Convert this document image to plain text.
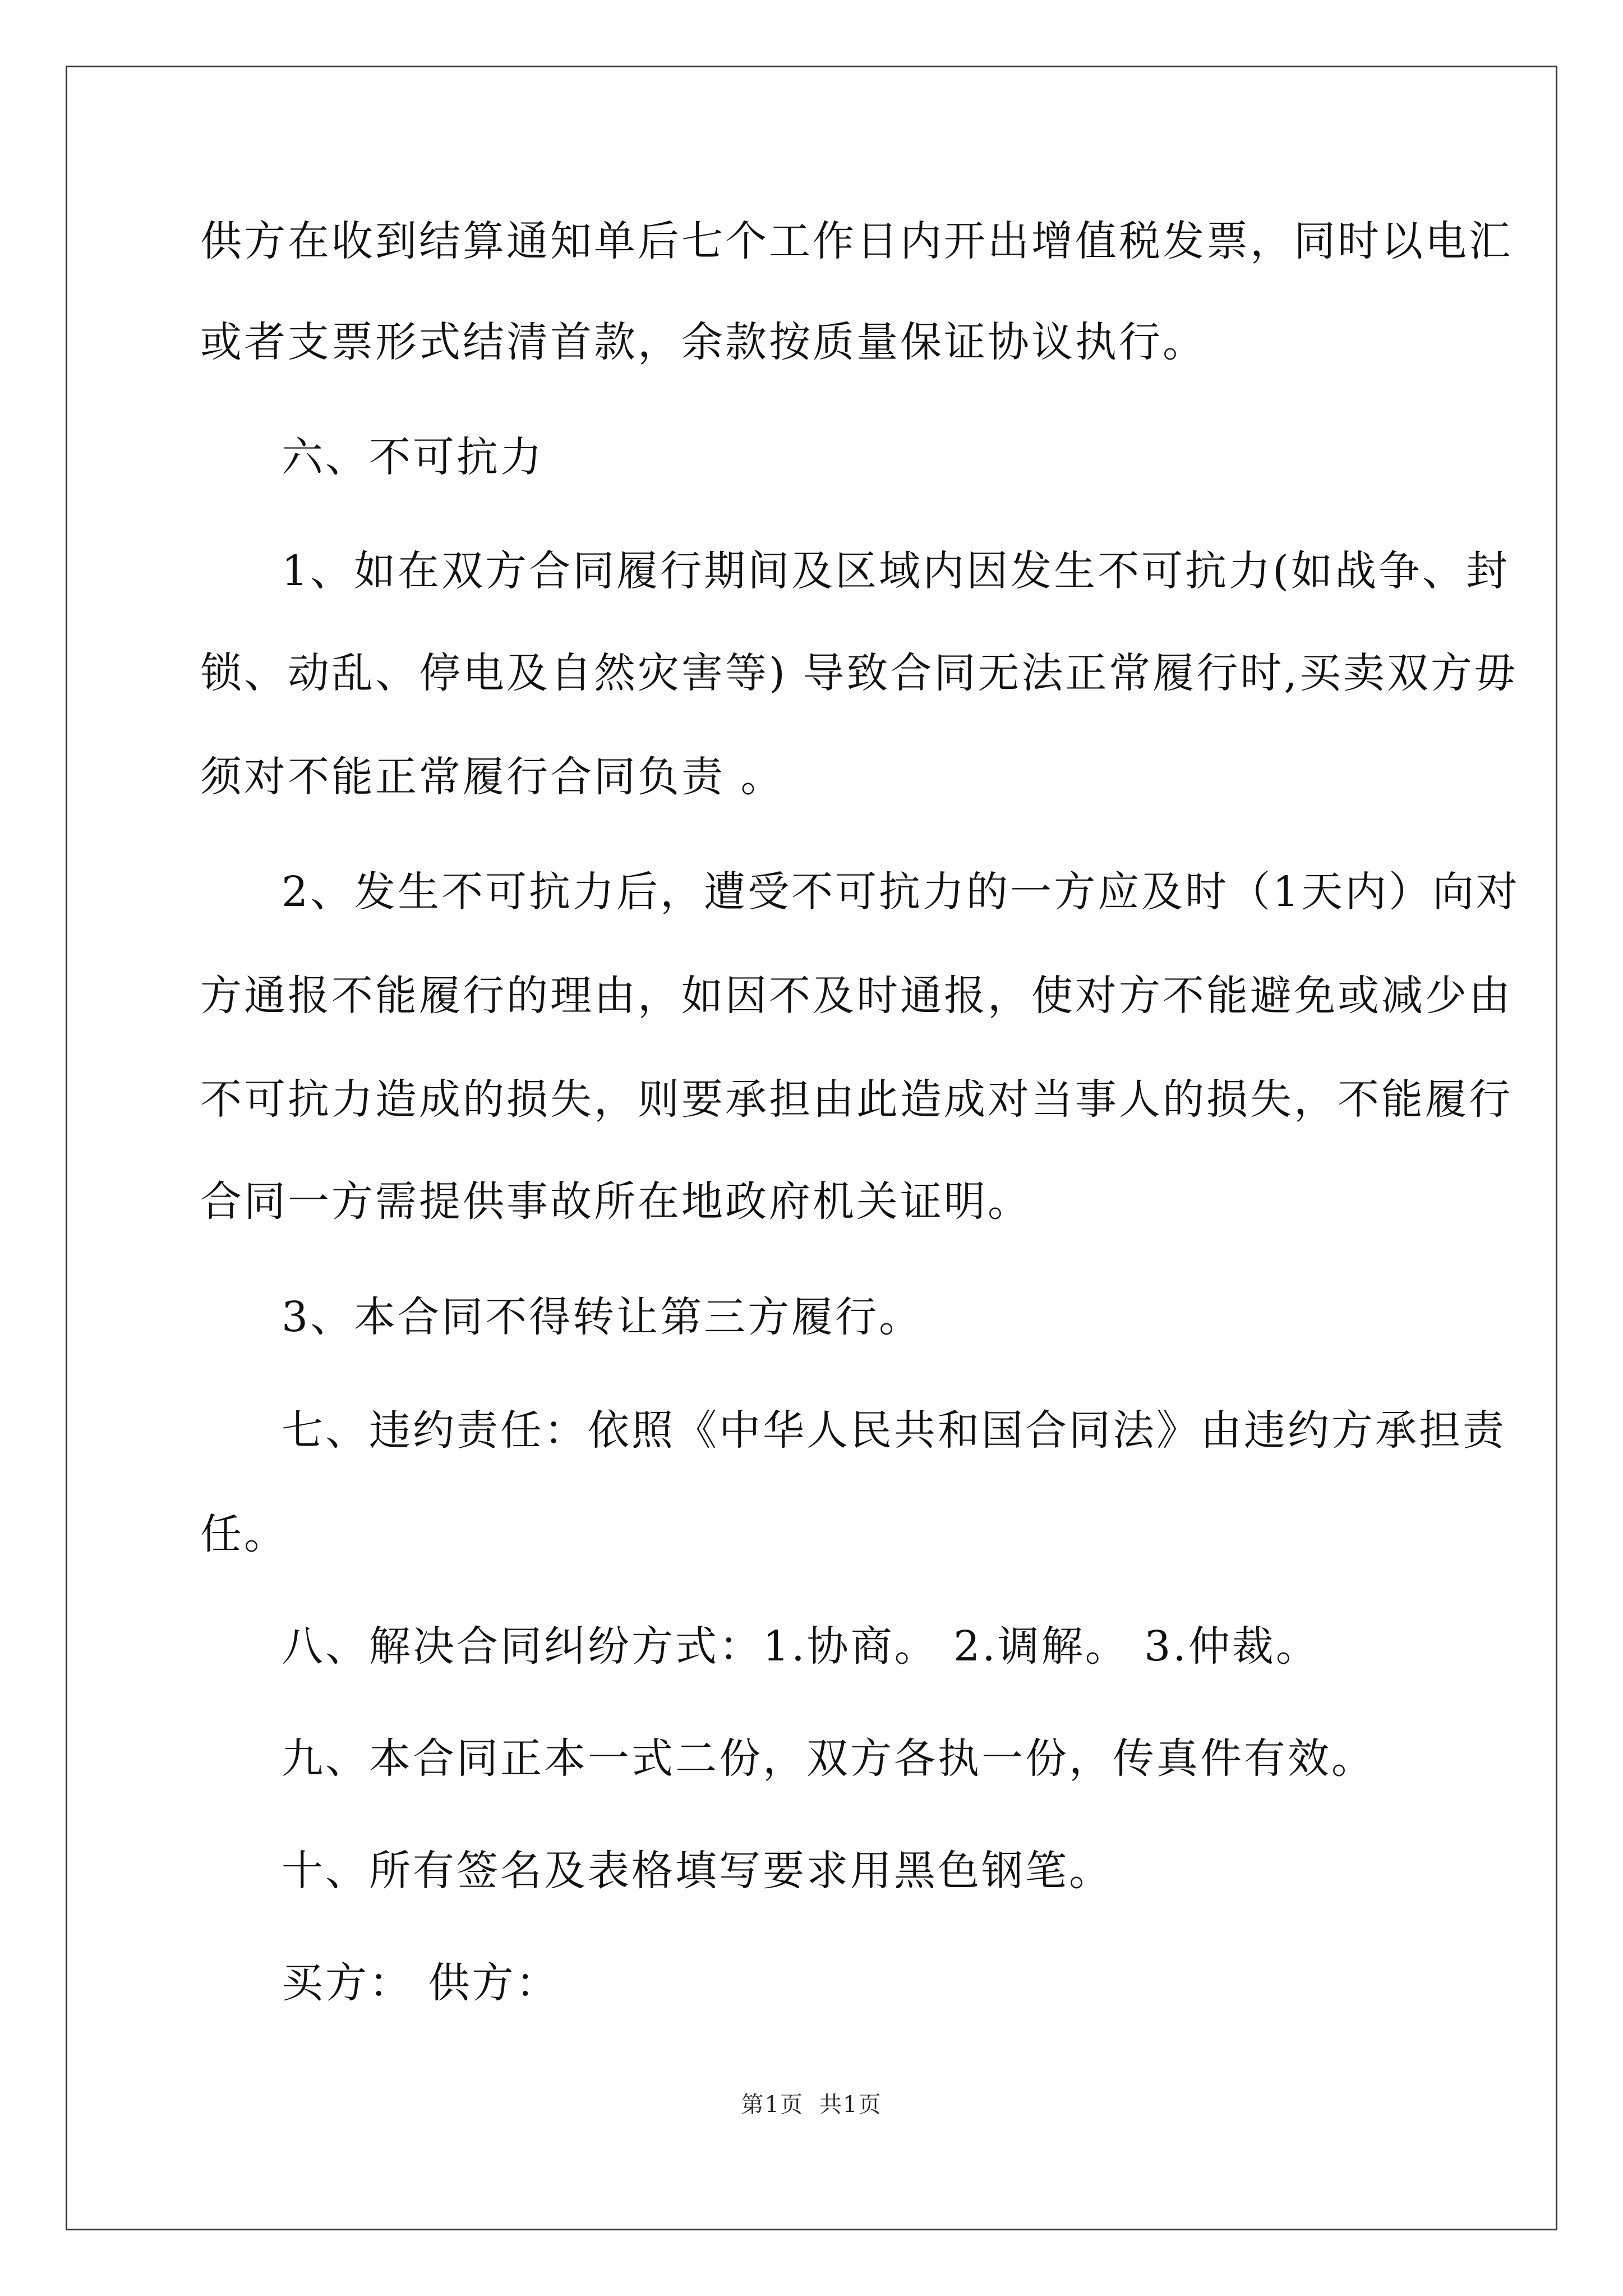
供方在收到结算通知单后七个工作日内开出增值税发票，同时以电汇
或者支票形式结清首款，余款按质量保证协议执行。
六、不可抗力
1、如在双方合同履行期间及区域内因发生不可抗力(如战争、封
锁、动乱、停电及自然灾害等) 导致合同无法正常履行时,买卖双方毋
须对不能正常履行合同负责 。
2、发生不可抗力后，遭受不可抗力的一方应及时（1天内）向对
方通报不能履行的理由，如因不及时通报，使对方不能避免或减少由
不可抗力造成的损失，则要承担由此造成对当事人的损失，不能履行
合同一方需提供事故所在地政府机关证明。
3、本合同不得转让第三方履行。
七、违约责任：依照《中华人民共和国合同法》由违约方承担责
任。
八、解决合同纠纷方式：1.协商。 2.调解。 3.仲裁。
九、本合同正本一式二份，双方各执一份，传真件有效。
十、所有签名及表格填写要求用黑色钢笔。
买方： 供方：
第1页 共1页
